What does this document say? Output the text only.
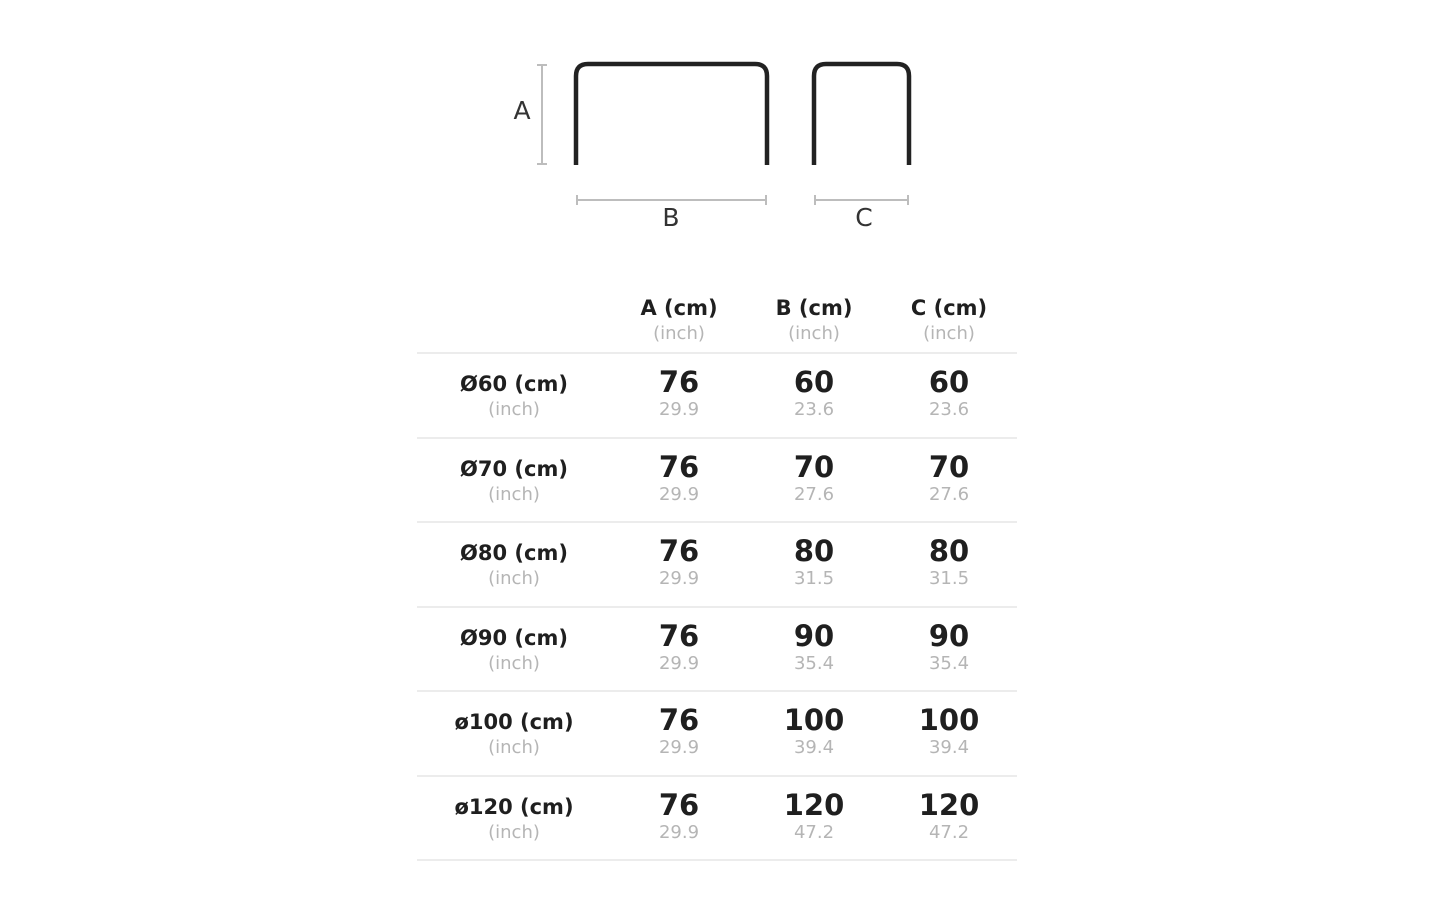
A
B	C
A (cm)
(inch)
B (cm)
(inch)
C (cm)
(inch)
Ø60 (cm)
(inch)
76
29.9
60
23.6
60
23.6
Ø70 (cm)
(inch)
76
29.9
70
27.6
70
27.6
Ø80 (cm)
(inch)
76
29.9
80
31.5
80
31.5
Ø90 (cm)
(inch)
76
29.9
90
35.4
90
35.4
ø100 (cm)
(inch)
76
29.9
100
39.4
100
39.4
ø120 (cm)
(inch)
76
29.9
120
47.2
120
47.2
